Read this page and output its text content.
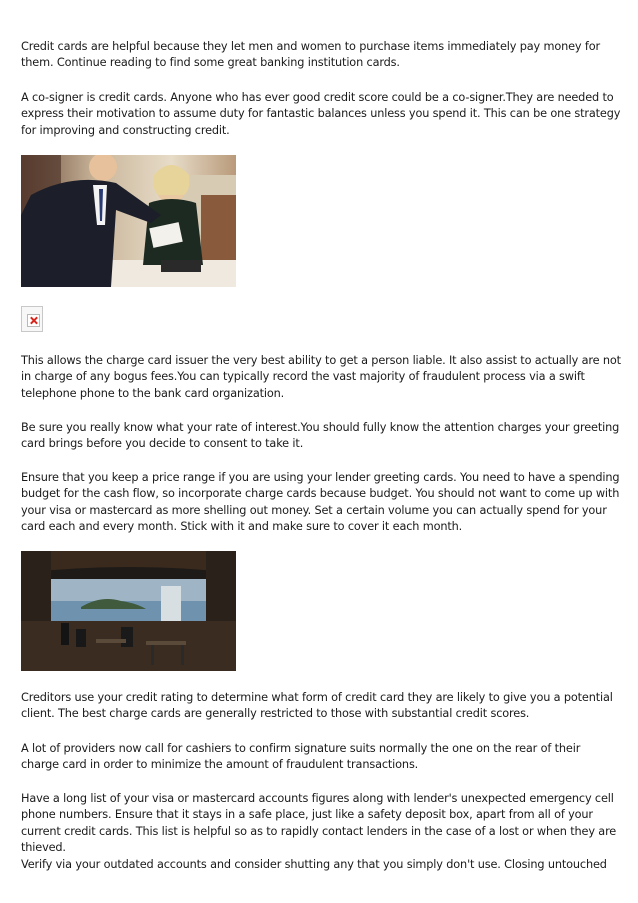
Credit cards are helpful because they let men and women to purchase items immediately pay money for them. Continue reading to find some great banking institution cards.

A co-signer is credit cards. Anyone who has ever good credit score could be a co-signer.They are needed to express their motivation to assume duty for fantastic balances unless you spend it. This can be one strategy for improving and constructing credit.

This allows the charge card issuer the very best ability to get a person liable. It also assist to actually are not in charge of any bogus fees.You can typically record the vast majority of fraudulent process via a swift telephone phone to the bank card organization.

Be sure you really know what your rate of interest.You should fully know the attention charges your greeting card brings before you decide to consent to take it.

Ensure that you keep a price range if you are using your lender greeting cards. You need to have a spending budget for the cash flow, so incorporate charge cards because budget. You should not want to come up with your visa or mastercard as more shelling out money. Set a certain volume you can actually spend for your card each and every month. Stick with it and make sure to cover it each month.

Creditors use your credit rating to determine what form of credit card they are likely to give you a potential client. The best charge cards are generally restricted to those with substantial credit scores.

A lot of providers now call for cashiers to confirm signature suits normally the one on the rear of their charge card in order to minimize the amount of fraudulent transactions.

Have a long list of your visa or mastercard accounts figures along with lender's unexpected emergency cell phone numbers. Ensure that it stays in a safe place, just like a safety deposit box, apart from all of your current credit cards. This list is helpful so as to rapidly contact lenders in the case of a lost or when they are thieved.

Verify via your outdated accounts and consider shutting any that you simply don't use. Closing untouched
